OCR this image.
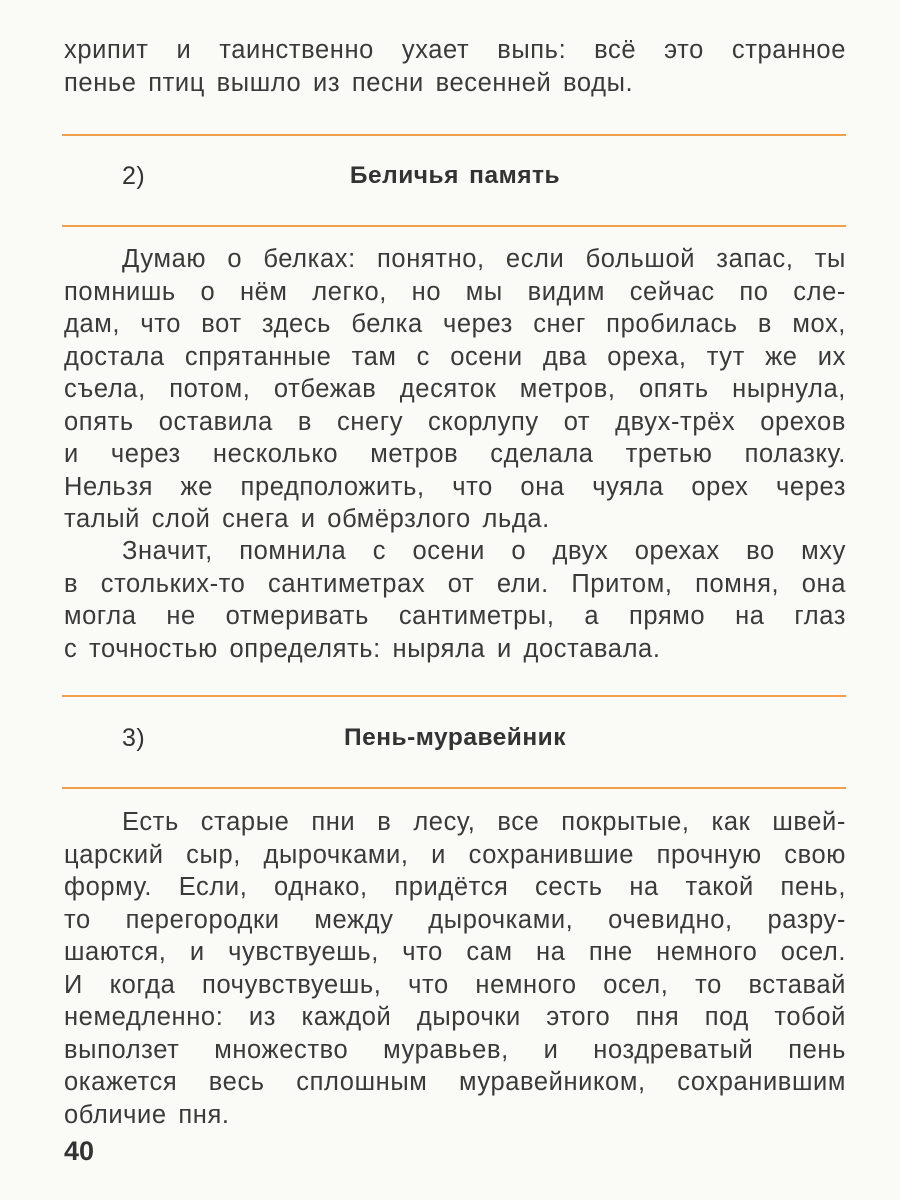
хрипит и таинственно ухает выпь: всё это странное
пенье птиц вышло из песни весенней воды.
2)	Беличья память
Думаю о белках: понятно, если большой запас, ты
помнишь о нём легко, но мы видим сейчас по сле-
дам, что вот здесь белка через снег пробилась в мох,
достала спрятанные там с осени два ореха, тут же их
съела, потом, отбежав десяток метров, опять нырнула,
опять оставила в снегу скорлупу от двух-трёх орехов
и через несколько метров сделала третью полазку.
Нельзя же предположить, что она чуяла орех через
талый слой снега и обмёрзлого льда.
Значит, помнила с осени о двух орехах во мху
в стольких-то сантиметрах от ели. Притом, помня, она
могла не отмеривать сантиметры, а прямо на глаз
с точностью определять: ныряла и доставала.
3)	Пень-муравейник
Есть старые пни в лесу, все покрытые, как швей-
царский сыр, дырочками, и сохранившие прочную свою
форму. Если, однако, придётся сесть на такой пень,
то перегородки между дырочками, очевидно, разру-
шаются, и чувствуешь, что сам на пне немного осел.
И когда почувствуешь, что немного осел, то вставай
немедленно: из каждой дырочки этого пня под тобой
выползет множество муравьев, и ноздреватый пень
окажется весь сплошным муравейником, сохранившим
обличие пня.
40
